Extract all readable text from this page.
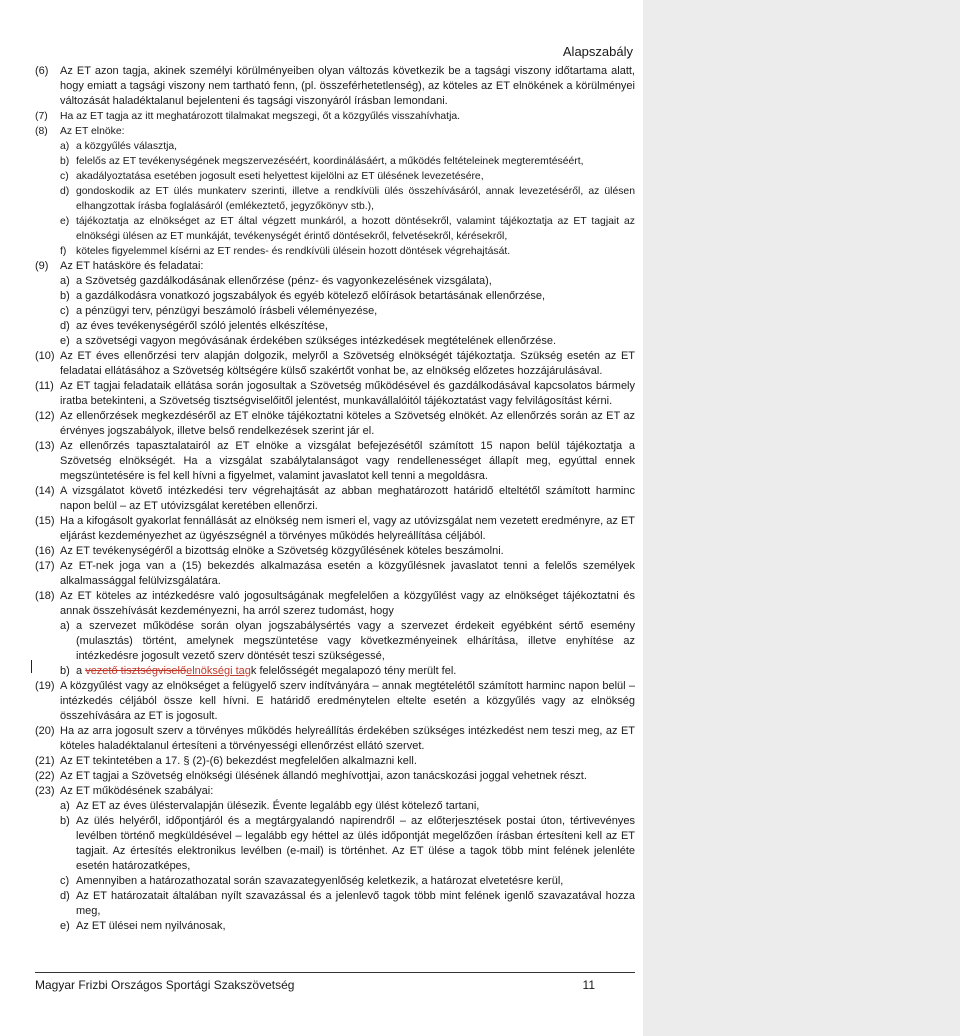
Alapszabály
(6)	Az ET azon tagja, akinek személyi körülményeiben olyan változás következik be a tagsági viszony időtartama alatt, hogy emiatt a tagsági viszony nem tartható fenn, (pl. összeférhetetlenség), az köteles az ET elnökének a körülményei változását haladéktalanul bejelenteni és tagsági viszonyáról írásban lemondani.
(7)	Ha az ET tagja az itt meghatározott tilalmakat megszegi, őt a közgyűlés visszahívhatja.
(8)	Az ET elnöke:
a) a közgyűlés választja,
b) felelős az ET tevékenységének megszervezéséért, koordinálásáért, a működés feltételeinek megteremtéséért,
c) akadályoztatása esetében jogosult eseti helyettest kijelölni az ET ülésének levezetésére,
d) gondoskodik az ET ülés munkaterv szerinti, illetve a rendkívüli ülés összehívásáról, annak levezetéséről, az ülésen elhangzottak írásba foglalásáról (emlékeztető, jegyzőkönyv stb.),
e) tájékoztatja az elnökséget az ET által végzett munkáról, a hozott döntésekről, valamint tájékoztatja az ET tagjait az elnökségi ülésen az ET munkáját, tevékenységét érintő döntésekről, felvetésekről, kérésekről,
f) köteles figyelemmel kísérni az ET rendes- és rendkívüli ülésein hozott döntések végrehajtását.
(9)	Az ET hatásköre és feladatai:
a) a Szövetség gazdálkodásának ellenőrzése (pénz- és vagyonkezelésének vizsgálata),
b) a gazdálkodásra vonatkozó jogszabályok és egyéb kötelező előírások betartásának ellenőrzése,
c) a pénzügyi terv, pénzügyi beszámoló írásbeli véleményezése,
d) az éves tevékenységéről szóló jelentés elkészítése,
e) a szövetségi vagyon megóvásának érdekében szükséges intézkedések megtételének ellenőrzése.
(10) Az ET éves ellenőrzési terv alapján dolgozik, melyről a Szövetség elnökségét tájékoztatja. Szükség esetén az ET feladatai ellátásához a Szövetség költségére külső szakértőt vonhat be, az elnökség előzetes hozzájárulásával.
(11) Az ET tagjai feladataik ellátása során jogosultak a Szövetség működésével és gazdálkodásával kapcsolatos bármely iratba betekinteni, a Szövetség tisztségviselőitől jelentést, munkavállalóitól tájékoztatást vagy felvilágosítást kérni.
(12) Az ellenőrzések megkezdéséről az ET elnöke tájékoztatni köteles a Szövetség elnökét. Az ellenőrzés során az ET az érvényes jogszabályok, illetve belső rendelkezések szerint jár el.
(13) Az ellenőrzés tapasztalatairól az ET elnöke a vizsgálat befejezésétől számított 15 napon belül tájékoztatja a Szövetség elnökségét. Ha a vizsgálat szabálytalanságot vagy rendellenességet állapít meg, egyúttal ennek megszüntetésére is fel kell hívni a figyelmet, valamint javaslatot kell tenni a megoldásra.
(14) A vizsgálatot követő intézkedési terv végrehajtását az abban meghatározott határidő elteltétől számított harminc napon belül – az ET utóvizsgálat keretében ellenőrzi.
(15) Ha a kifogásolt gyakorlat fennállását az elnökség nem ismeri el, vagy az utóvizsgálat nem vezetett eredményre, az ET eljárást kezdeményezhet az ügyészségnél a törvényes működés helyreállítása céljából.
(16) Az ET tevékenységéről a bizottság elnöke a Szövetség közgyűlésének köteles beszámolni.
(17) Az ET-nek joga van a (15) bekezdés alkalmazása esetén a közgyűlésnek javaslatot tenni a felelős személyek alkalmassággal felülvizsgálatára.
(18) Az ET köteles az intézkedésre való jogosultságának megfelelően a közgyűlést vagy az elnökséget tájékoztatni és annak összehívását kezdeményezni, ha arról szerez tudomást, hogy
a) a szervezet működése során olyan jogszabálysértés vagy a szervezet érdekeit egyébként sértő esemény (mulasztás) történt, amelynek megszüntetése vagy következményeinek elhárítása, illetve enyhítése az intézkedésre jogosult vezető szerv döntését teszi szükségessé,
b) a vezető tisztségviselőelnökségi tagk felelősségét megalapozó tény merült fel.
(19) A közgyűlést vagy az elnökséget a felügyelő szerv indítványára – annak megtételétől számított harminc napon belül – intézkedés céljából össze kell hívni. E határidő eredménytelen eltelte esetén a közgyűlés vagy az elnökség összehívására az ET is jogosult.
(20) Ha az arra jogosult szerv a törvényes működés helyreállítás érdekében szükséges intézkedést nem teszi meg, az ET köteles haladéktalanul értesíteni a törvényességi ellenőrzést ellátó szervet.
(21) Az ET tekintetében a 17. § (2)-(6) bekezdést megfelelően alkalmazni kell.
(22) Az ET tagjai a Szövetség elnökségi ülésének állandó meghívottjai, azon tanácskozási joggal vehetnek részt.
(23) Az ET működésének szabályai:
a) Az ET az éves üléstervalapján ülésezik. Évente legalább egy ülést kötelező tartani,
b) Az ülés helyéről, időpontjáról és a megtárgyalandó napirendről – az előterjesztések postai úton, tértivevényes levélben történő megküldésével – legalább egy héttel az ülés időpontját megelőzően írásban értesíteni kell az ET tagjait. Az értesítés elektronikus levélben (e-mail) is történhet. Az ET ülése a tagok több mint felének jelenléte esetén határozatképes,
c) Amennyiben a határozathozatal során szavazategyenlőség keletkezik, a határozat elvetetésre kerül,
d) Az ET határozatait általában nyílt szavazással és a jelenlevő tagok több mint felének igenlő szavazatával hozza meg,
e) Az ET ülései nem nyilvánosak,
Magyar Frizbi Országos Sportági Szakszövetség	11
